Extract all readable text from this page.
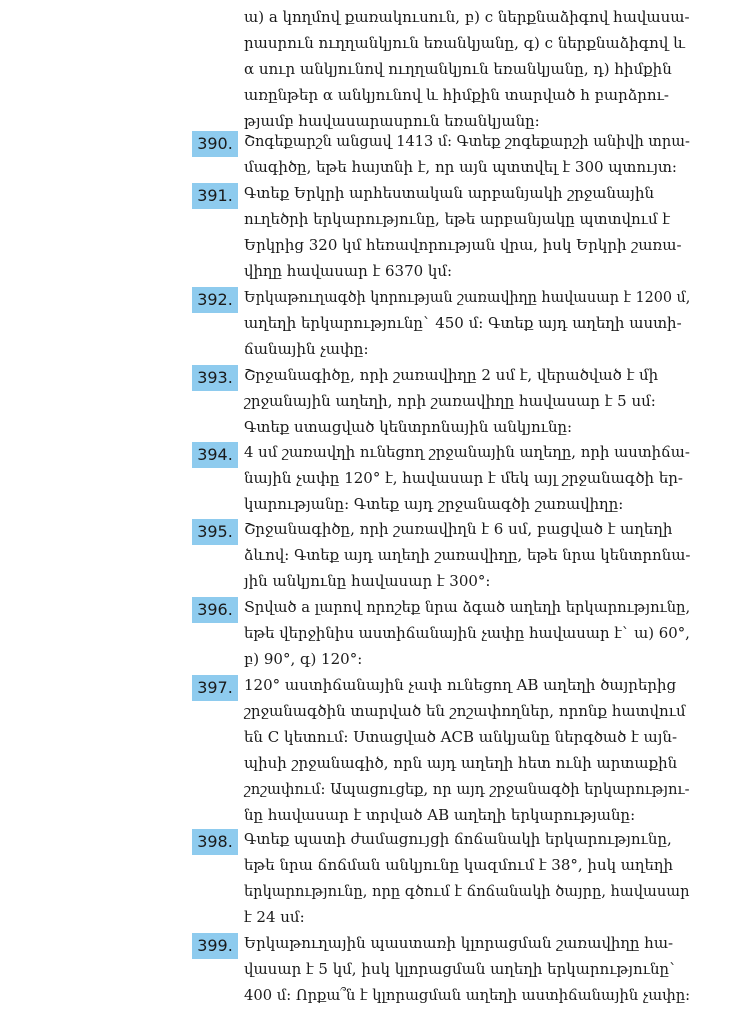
ա) a կողմով քառակուսուն, բ) c ներքնաձիգով հավասա-
րասրուն ուղղանկյուն եռանկյանը, գ) c ներքնաձիգով և
α սուր անկյունով ուղղանկյուն եռանկյանը, դ) հիմքին
առընթեր α անկյունով և հիմքին տարված h բարձրու-
թյամբ հավասարասրուն եռանկյանը:
390. Շոգեքարշն անցավ 1413 մ: Գտեք շոգեքարշի անիվի տրա-
մագիծը, եթե հայտնի է, որ այն պտտվել է 300 պտույտ:
391. Գտեք Երկրի արհեստական արբանյակի շրջանային
ուղեծրի երկարությունը, եթե արբանյակը պտտվում է
Երկրից 320 կմ հեռավորության վրա, իսկ Երկրի շառա-
վիղը հավասար է 6370 կմ:
392. Երկաթուղագծի կորության շառավիղը հավասար է 1200 մ,
աղեղի երկարությունը` 450 մ: Գտեք այդ աղեղի աստի-
ճանային չափը:
393. Շրջանագիծը, որի շառավիղը 2 սմ է, վերածված է մի
շրջանային աղեղի, որի շառավիղը հավասար է 5 սմ:
Գտեք ստացված կենտրոնային անկյունը:
394. 4 սմ շառավղի ունեցող շրջանային աղեղը, որի աստիճա-
նային չափը 120° է, հավասար է մեկ այլ շրջանագծի եր-
կարությանը: Գտեք այդ շրջանագծի շառավիղը:
395. Շրջանագիծը, որի շառավիղն է 6 սմ, բացված է աղեղի
ձևով: Գտեք այդ աղեղի շառավիղը, եթե նրա կենտրոնա-
յին անկյունը հավասար է 300°:
396. Տրված a լարով որոշեք նրա ձգած աղեղի երկարությունը,
եթե վերջինիս աստիճանային չափը հավասար է` ա) 60°,
բ) 90°, գ) 120°:
397. 120° աստիճանային չափ ունեցող AB աղեղի ծայրերից
շրջանագծին տարված են շոշափողներ, որոնք հատվում
են C կետում: Ստացված ACB անկյանը ներգծած է այն-
պիսի շրջանագիծ, որն այդ աղեղի հետ ունի արտաքին
շոշափում: Ապացուցեք, որ այդ շրջանագծի երկարությու-
նը հավասար է տրված AB աղեղի երկարությանը:
398. Գտեք պատի ժամացույցի ճոճանակի երկարությունը,
եթե նրա ճոճման անկյունը կազմում է 38°, իսկ աղեղի
երկարությունը, որը գծում է ճոճանակի ծայրը, հավասար
է 24 սմ:
399. Երկաթուղային պաստառի կլորացման շառավիղը հա-
վասար է 5 կմ, իսկ կլորացման աղեղի երկարությունը`
400 մ: Որքա՞ն է կլորացման աղեղի աստիճանային չափը:
